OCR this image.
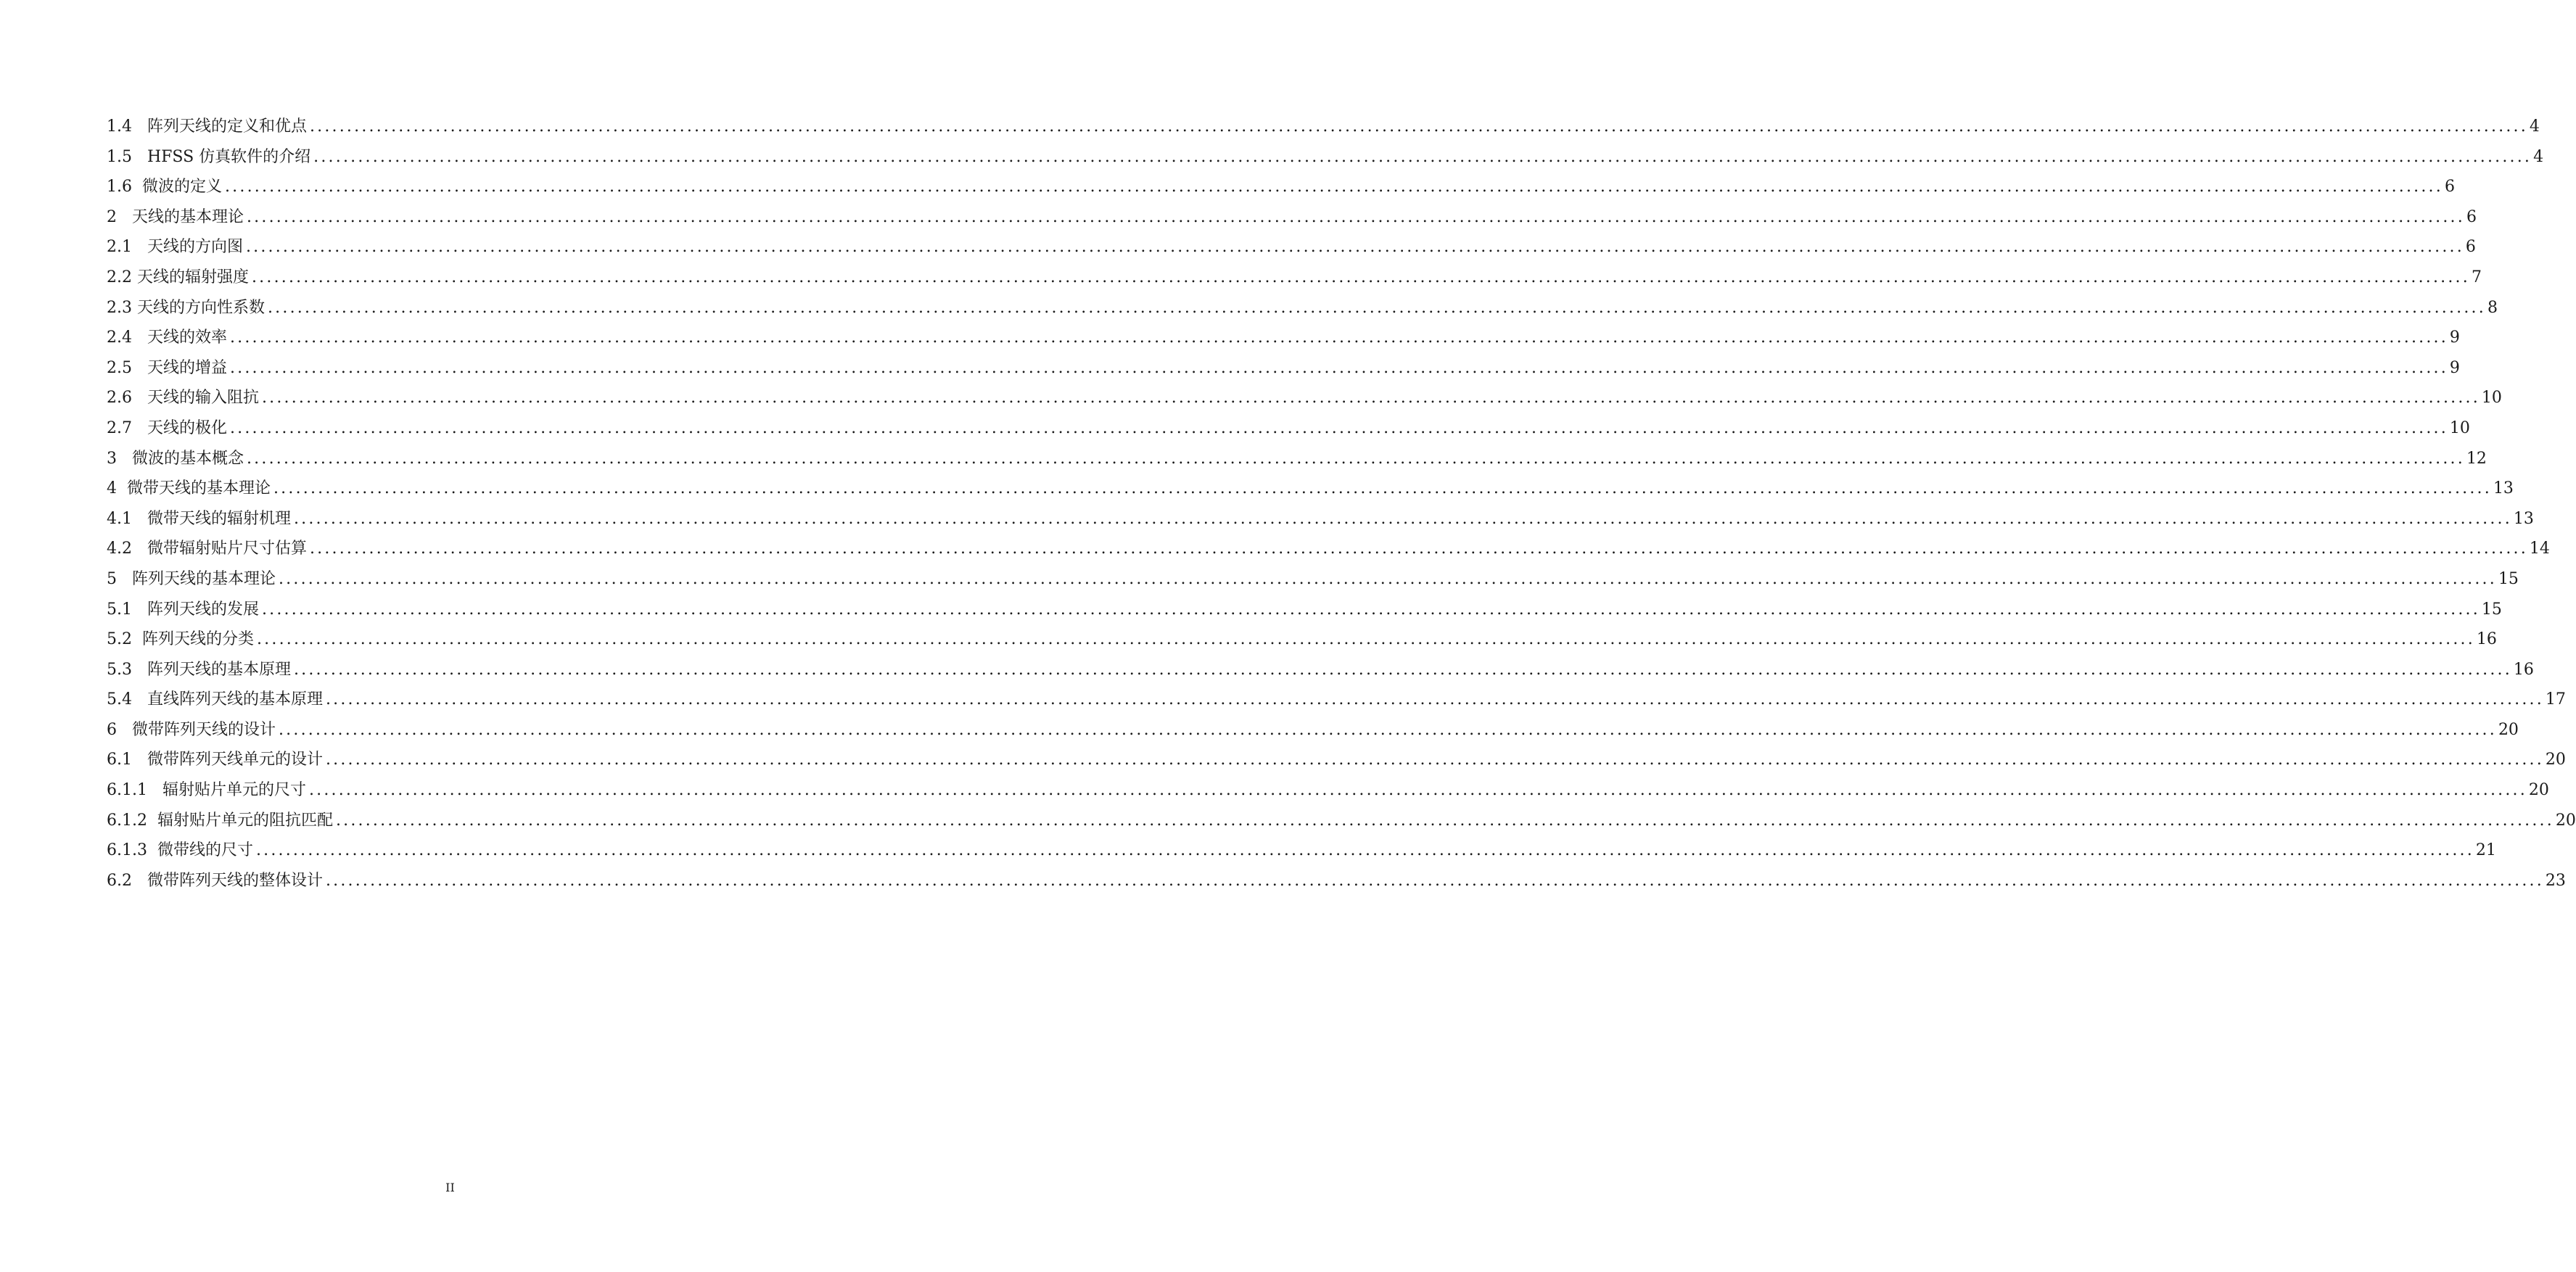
1.4   阵列天线的定义和优点 ............................................................................................................................................................................................................................................................................................................ 4
1.5   HFSS 仿真软件的介绍 ............................................................................................................................................................................................................................................................................................................ 4
1.6  微波的定义 ............................................................................................................................................................................................................................................................................................................ 6
2   天线的基本理论 ............................................................................................................................................................................................................................................................................................................ 6
2.1   天线的方向图 ............................................................................................................................................................................................................................................................................................................ 6
2.2 天线的辐射强度 ............................................................................................................................................................................................................................................................................................................ 7
2.3 天线的方向性系数 ............................................................................................................................................................................................................................................................................................................ 8
2.4   天线的效率 ............................................................................................................................................................................................................................................................................................................ 9
2.5   天线的增益 ............................................................................................................................................................................................................................................................................................................ 9
2.6   天线的输入阻抗 ............................................................................................................................................................................................................................................................................................................ 10
2.7   天线的极化 ............................................................................................................................................................................................................................................................................................................ 10
3   微波的基本概念 ............................................................................................................................................................................................................................................................................................................ 12
4  微带天线的基本理论 ............................................................................................................................................................................................................................................................................................................ 13
4.1   微带天线的辐射机理 ............................................................................................................................................................................................................................................................................................................ 13
4.2   微带辐射贴片尺寸估算 ............................................................................................................................................................................................................................................................................................................ 14
5   阵列天线的基本理论 ............................................................................................................................................................................................................................................................................................................ 15
5.1   阵列天线的发展 ............................................................................................................................................................................................................................................................................................................ 15
5.2  阵列天线的分类 ............................................................................................................................................................................................................................................................................................................ 16
5.3   阵列天线的基本原理 ............................................................................................................................................................................................................................................................................................................ 16
5.4   直线阵列天线的基本原理 ............................................................................................................................................................................................................................................................................................................ 17
6   微带阵列天线的设计 ............................................................................................................................................................................................................................................................................................................ 20
6.1   微带阵列天线单元的设计 ............................................................................................................................................................................................................................................................................................................ 20
6.1.1   辐射贴片单元的尺寸 ............................................................................................................................................................................................................................................................................................................ 20
6.1.2  辐射贴片单元的阻抗匹配 ............................................................................................................................................................................................................................................................................................................ 20
6.1.3  微带线的尺寸 ............................................................................................................................................................................................................................................................................................................ 21
6.2   微带阵列天线的整体设计 ............................................................................................................................................................................................................................................................................................................ 23
II
